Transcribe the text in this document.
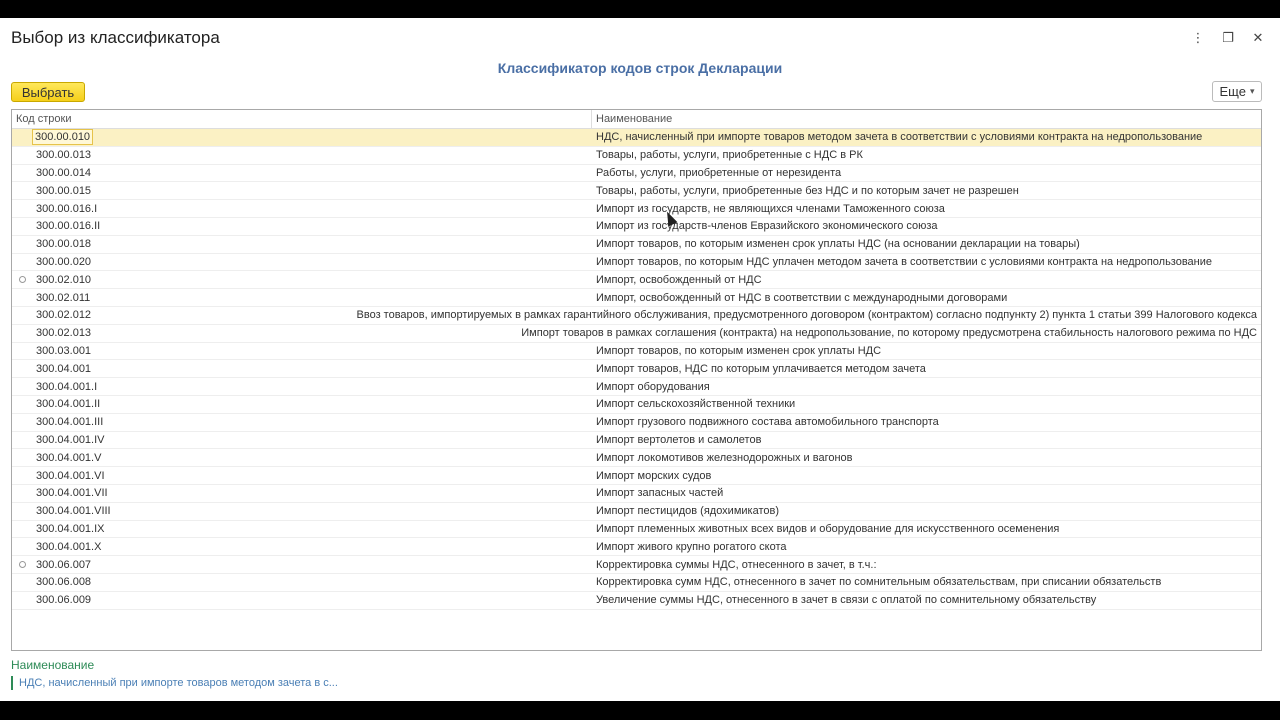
Выбор из классификатора	⋮	❐	✕
Классификатор кодов строк Декларации
Выбрать	Еще ▾
Код строки	Наименование
300.00.010	НДС, начисленный при импорте товаров методом зачета в соответствии с условиями контракта на недропользование
300.00.013	Товары, работы, услуги, приобретенные с НДС в РК
300.00.014	Работы, услуги, приобретенные от нерезидента
300.00.015	Товары, работы, услуги, приобретенные без НДС и по которым зачет не разрешен
300.00.016.I	Импорт из государств, не являющихся членами Таможенного союза
300.00.016.II	Импорт из государств-членов Евразийского экономического союза
300.00.018	Импорт товаров, по которым изменен срок уплаты НДС (на основании декларации на товары)
300.00.020	Импорт товаров, по которым НДС уплачен методом зачета в соответствии с условиями контракта на недропользование
300.02.010	Импорт, освобожденный от НДС
300.02.011	Импорт, освобожденный от НДС в соответствии с международными договорами
300.02.012	Ввоз товаров, импортируемых в рамках гарантийного обслуживания, предусмотренного договором (контрактом) согласно подпункту 2) пункта 1 статьи 399 Налогового кодекса
300.02.013	Импорт товаров в рамках соглашения (контракта) на недропользование, по которому предусмотрена стабильность налогового режима по НДС
300.03.001	Импорт товаров, по которым изменен срок уплаты НДС
300.04.001	Импорт товаров, НДС по которым уплачивается методом зачета
300.04.001.I	Импорт оборудования
300.04.001.II	Импорт сельскохозяйственной техники
300.04.001.III	Импорт грузового подвижного состава автомобильного транспорта
300.04.001.IV	Импорт вертолетов и самолетов
300.04.001.V	Импорт локомотивов железнодорожных и вагонов
300.04.001.VI	Импорт морских судов
300.04.001.VII	Импорт запасных частей
300.04.001.VIII	Импорт пестицидов (ядохимикатов)
300.04.001.IX	Импорт племенных животных всех видов и оборудование для искусственного осеменения
300.04.001.X	Импорт живого крупно рогатого скота
300.06.007	Корректировка суммы НДС, отнесенного в зачет, в т.ч.:
300.06.008	Корректировка сумм НДС, отнесенного в зачет по сомнительным обязательствам, при списании обязательств
300.06.009	Увеличение суммы НДС, отнесенного в зачет в связи с оплатой по сомнительному обязательству
Наименование
НДС, начисленный при импорте товаров методом зачета в с...
